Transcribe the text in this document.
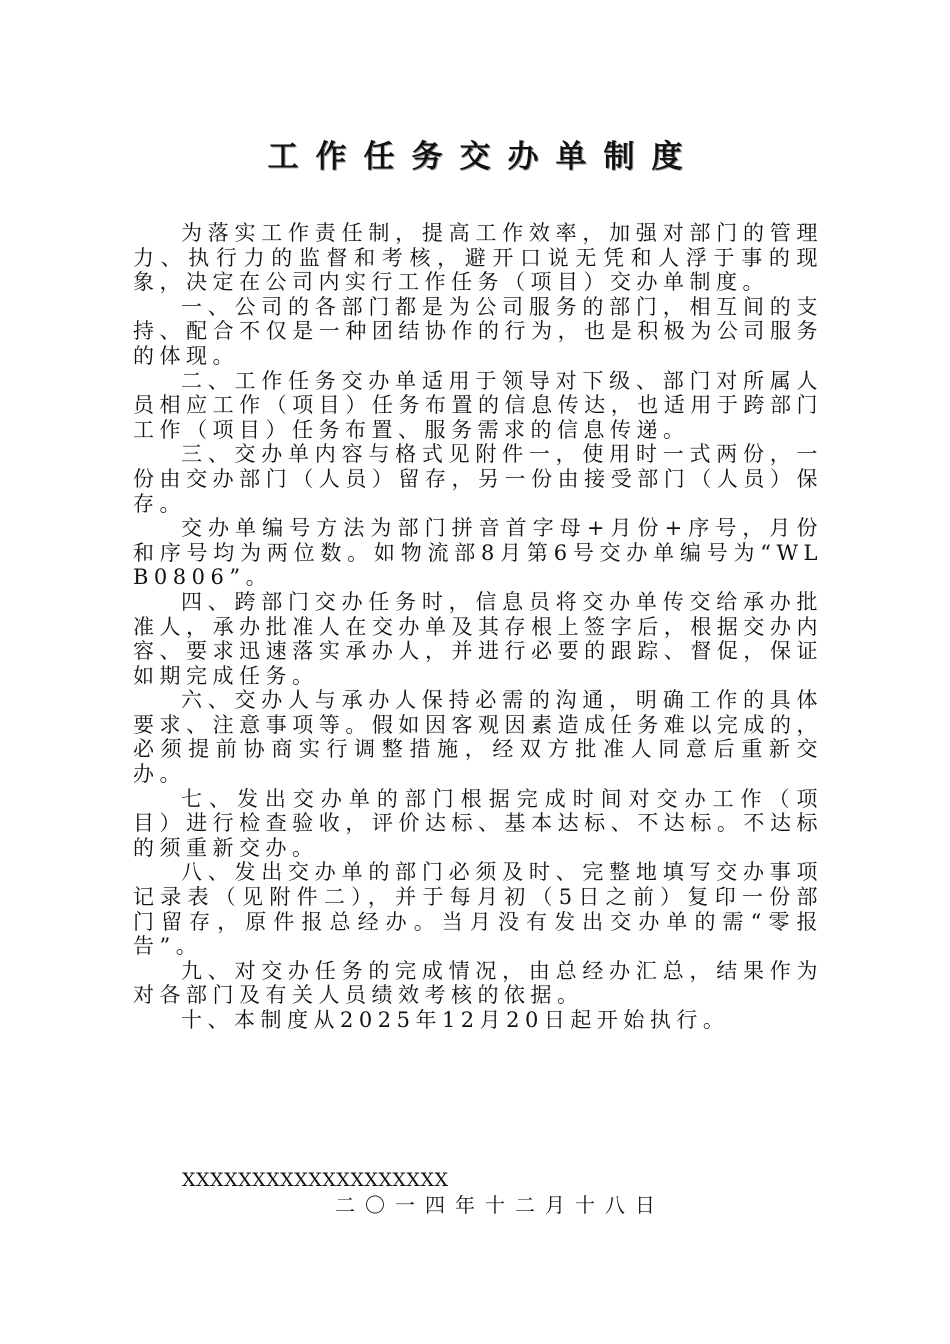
工作任务交办单制度

为落实工作责任制，提高工作效率，加强对部门的管理力、执行力的监督和考核，避开口说无凭和人浮于事的现象，决定在公司内实行工作任务（项目）交办单制度。

一、公司的各部门都是为公司服务的部门，相互间的支持、配合不仅是一种团结协作的行为，也是积极为公司服务的体现。

二、工作任务交办单适用于领导对下级、部门对所属人员相应工作（项目）任务布置的信息传达，也适用于跨部门工作（项目）任务布置、服务需求的信息传递。

三、交办单内容与格式见附件一，使用时一式两份，一份由交办部门（人员）留存，另一份由接受部门（人员）保存。

交办单编号方法为部门拼音首字母+月份+序号，月份和序号均为两位数。如物流部8月第6号交办单编号为“WLB0806”。

四、跨部门交办任务时，信息员将交办单传交给承办批准人，承办批准人在交办单及其存根上签字后，根据交办内容、要求迅速落实承办人，并进行必要的跟踪、督促，保证如期完成任务。

六、交办人与承办人保持必需的沟通，明确工作的具体要求、注意事项等。假如因客观因素造成任务难以完成的，必须提前协商实行调整措施，经双方批准人同意后重新交办。

七、发出交办单的部门根据完成时间对交办工作（项目）进行检查验收，评价达标、基本达标、不达标。不达标的须重新交办。

八、发出交办单的部门必须及时、完整地填写交办事项记录表（见附件二），并于每月初（5日之前）复印一份部门留存，原件报总经办。当月没有发出交办单的需“零报告”。

九、对交办任务的完成情况，由总经办汇总，结果作为对各部门及有关人员绩效考核的依据。

十、本制度从2025年12月20日起开始执行。

XXXXXXXXXXXXXXXXXXX
二〇一四年十二月十八日
